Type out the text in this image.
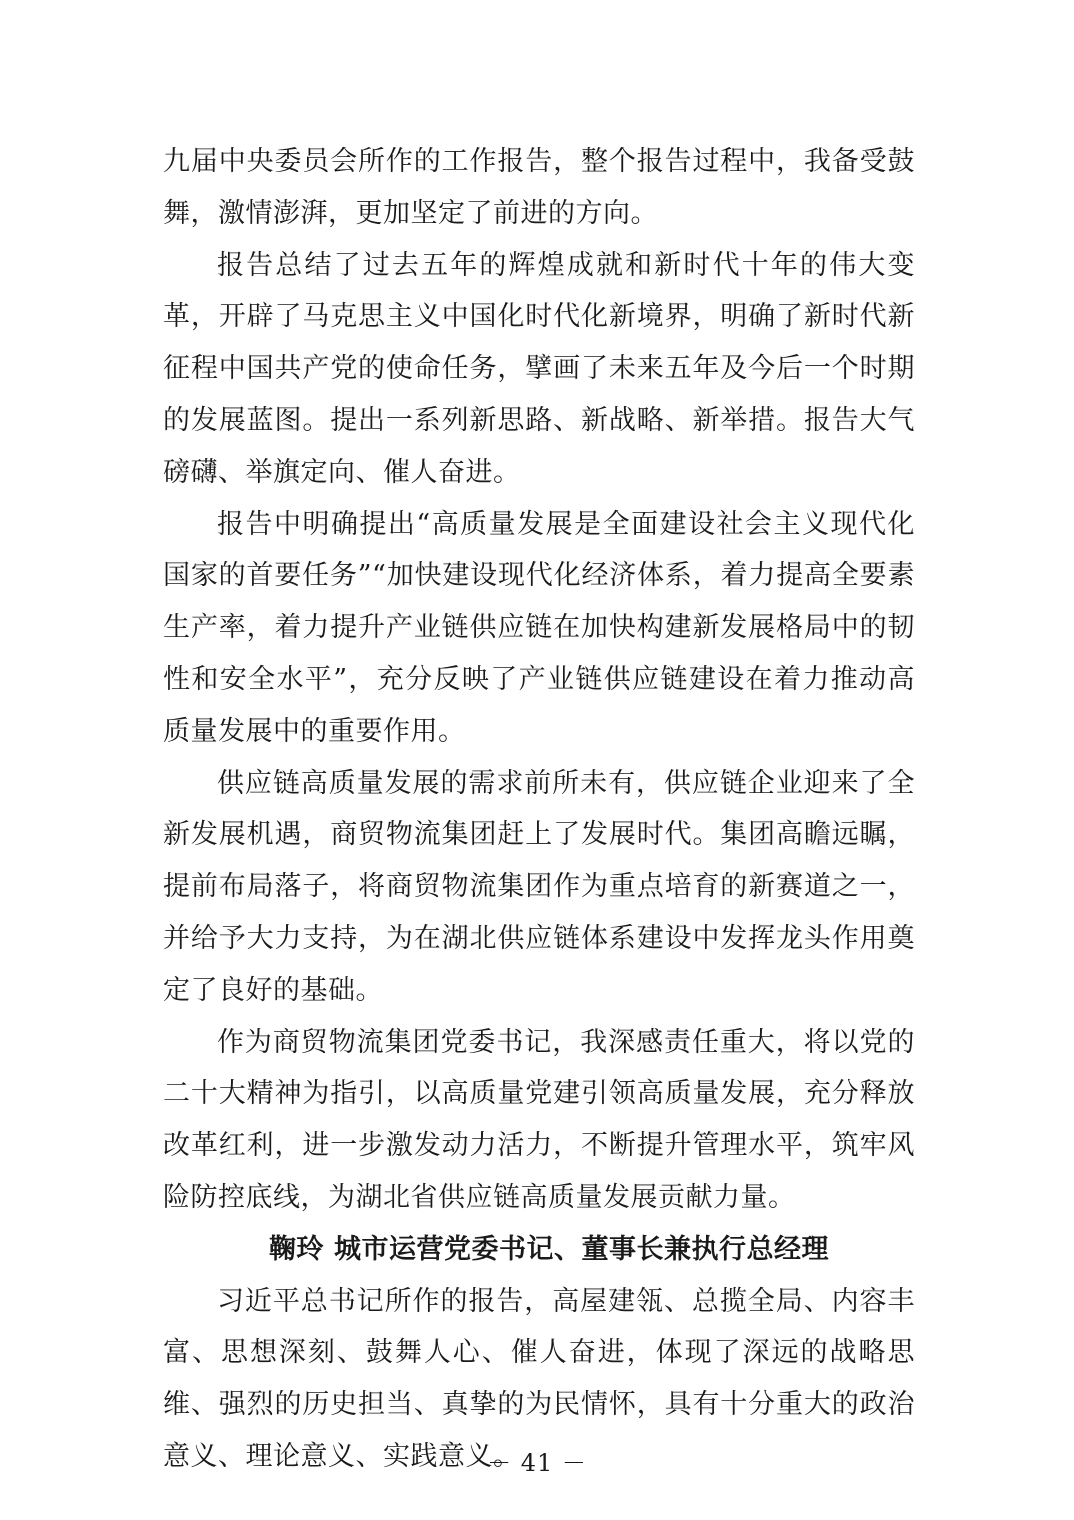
九届中央委员会所作的工作报告，整个报告过程中，我备受鼓舞，激情澎湃，更加坚定了前进的方向。

报告总结了过去五年的辉煌成就和新时代十年的伟大变革，开辟了马克思主义中国化时代化新境界，明确了新时代新征程中国共产党的使命任务，擘画了未来五年及今后一个时期的发展蓝图。提出一系列新思路、新战略、新举措。报告大气磅礴、举旗定向、催人奋进。

报告中明确提出“高质量发展是全面建设社会主义现代化国家的首要任务”“加快建设现代化经济体系，着力提高全要素生产率，着力提升产业链供应链在加快构建新发展格局中的韧性和安全水平”，充分反映了产业链供应链建设在着力推动高质量发展中的重要作用。

供应链高质量发展的需求前所未有，供应链企业迎来了全新发展机遇，商贸物流集团赶上了发展时代。集团高瞻远瞩，提前布局落子，将商贸物流集团作为重点培育的新赛道之一，并给予大力支持，为在湖北供应链体系建设中发挥龙头作用奠定了良好的基础。

作为商贸物流集团党委书记，我深感责任重大，将以党的二十大精神为指引，以高质量党建引领高质量发展，充分释放改革红利，进一步激发动力活力，不断提升管理水平，筑牢风险防控底线，为湖北省供应链高质量发展贡献力量。

鞠玲 城市运营党委书记、董事长兼执行总经理

习近平总书记所作的报告，高屋建瓴、总揽全局、内容丰富、思想深刻、鼓舞人心、催人奋进，体现了深远的战略思维、强烈的历史担当、真挚的为民情怀，具有十分重大的政治意义、理论意义、实践意义。

－ 41 －
